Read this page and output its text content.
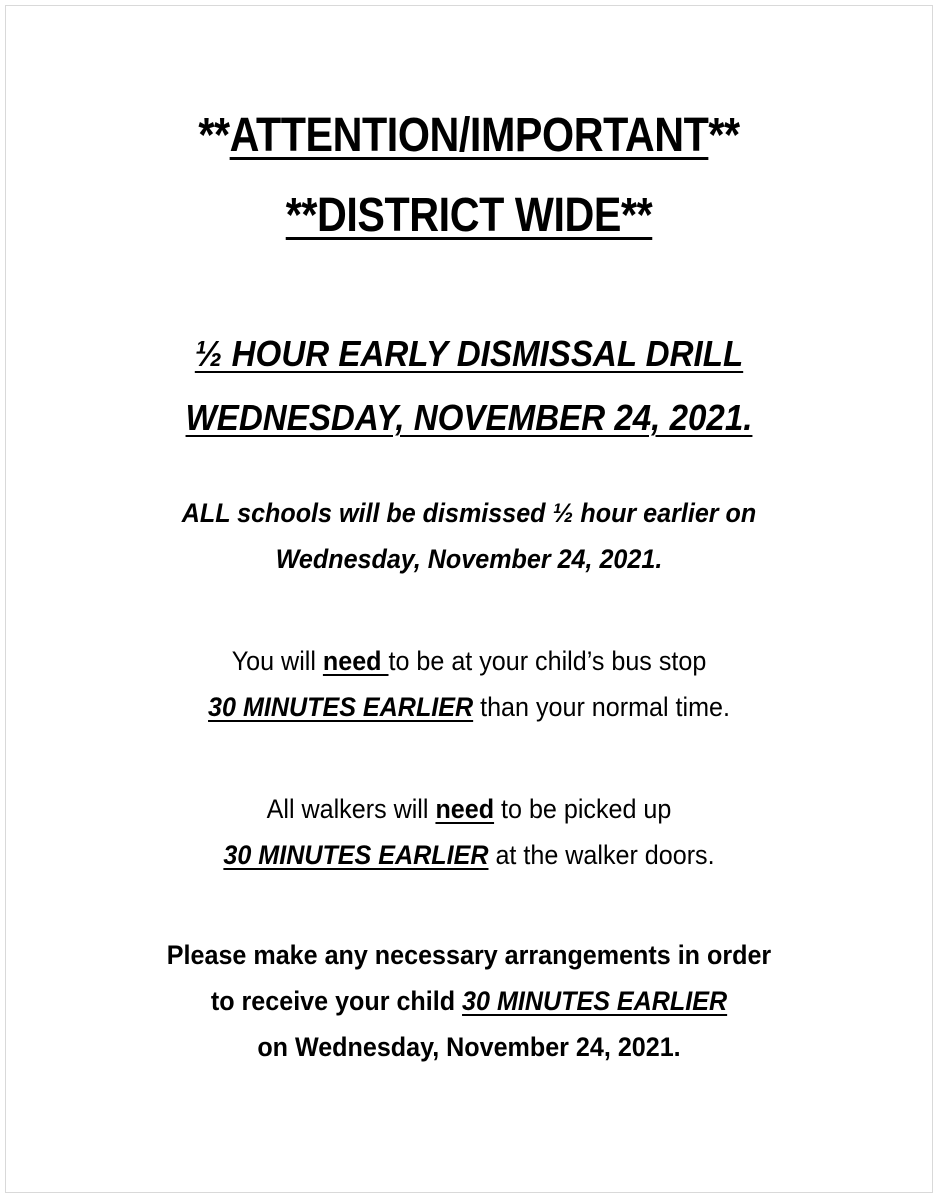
**ATTENTION/IMPORTANT**
**DISTRICT WIDE**
½ HOUR EARLY DISMISSAL DRILL
WEDNESDAY, NOVEMBER 24, 2021.
ALL schools will be dismissed ½ hour earlier on
Wednesday, November 24, 2021.
You will need to be at your child’s bus stop
30 MINUTES EARLIER than your normal time.
All walkers will need to be picked up
30 MINUTES EARLIER at the walker doors.
Please make any necessary arrangements in order
to receive your child 30 MINUTES EARLIER
on Wednesday, November 24, 2021.
